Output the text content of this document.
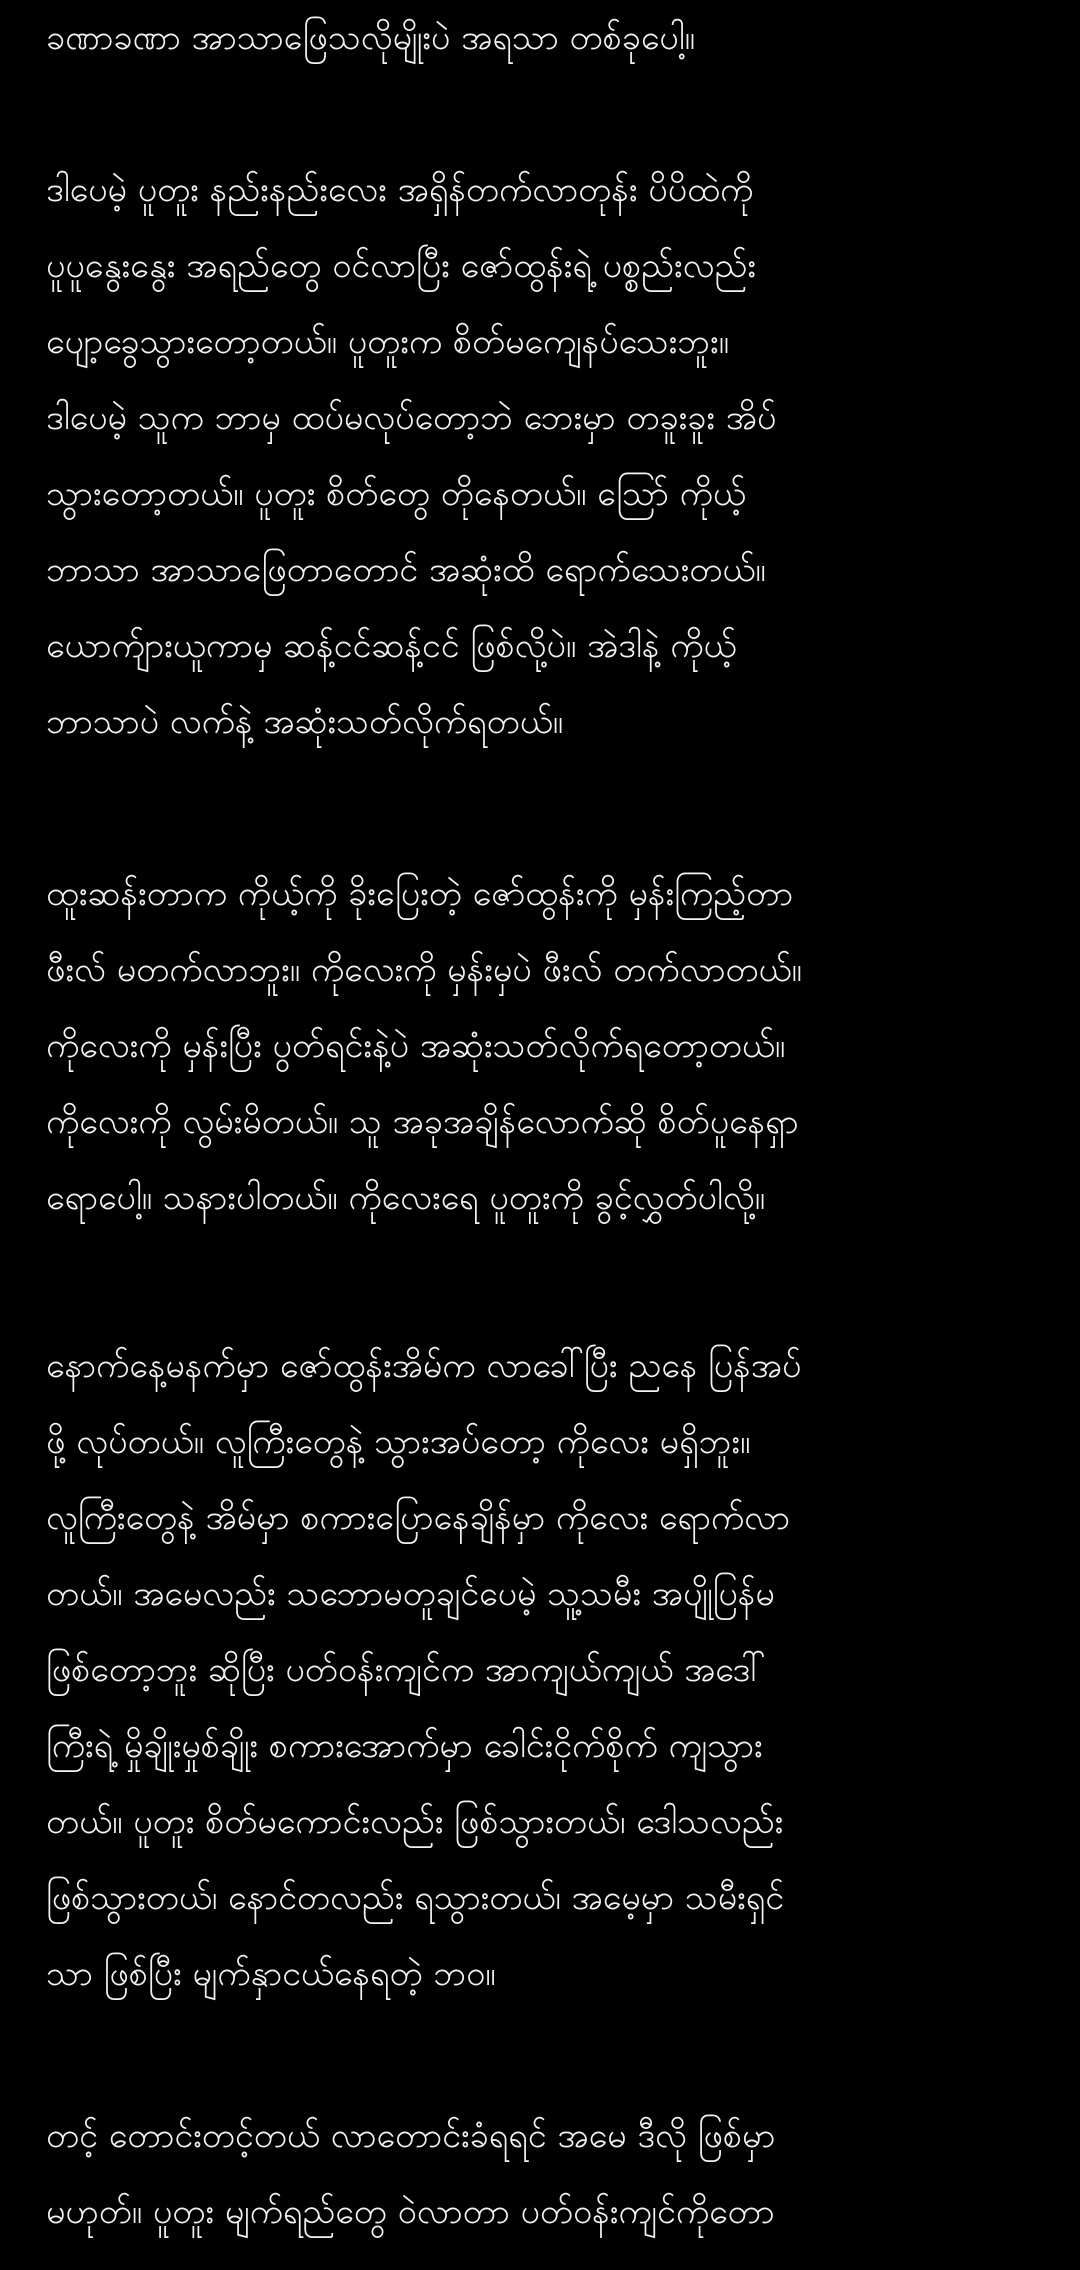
ခဏာခဏာ အာသာဖြေသလိုမျိုးပဲ အရသာ တစ်ခုပေါ့။
ဒါပေမဲ့ ပူတူး နည်းနည်းလေး အရှိန်တက်လာတုန်း ပိပိထဲကို
ပူပူနွေးနွေး အရည်တွေ ဝင်လာပြီး ဇော်ထွန်းရဲ့ ပစ္စည်းလည်း
ပျော့ခွေသွားတော့တယ်။ ပူတူးက စိတ်မကျေနပ်သေးဘူး။
ဒါပေမဲ့ သူက ဘာမှ ထပ်မလုပ်တော့ဘဲ ဘေးမှာ တခူးခူး အိပ်
သွားတော့တယ်။ ပူတူး စိတ်တွေ တိုနေတယ်။ သြော် ကိုယ့်
ဘာသာ အာသာဖြေတာတောင် အဆုံးထိ ရောက်သေးတယ်။
ယောက်ျားယူကာမှ ဆန့်ငင်ဆန့်ငင် ဖြစ်လို့ပဲ။ အဲဒါနဲ့ ကိုယ့်
ဘာသာပဲ လက်နဲ့ အဆုံးသတ်လိုက်ရတယ်။
ထူးဆန်းတာက ကိုယ့်ကို ခိုးပြေးတဲ့ ဇော်ထွန်းကို မှန်းကြည့်တာ
ဖီးလ် မတက်လာဘူး။ ကိုလေးကို မှန်းမှပဲ ဖီးလ် တက်လာတယ်။
ကိုလေးကို မှန်းပြီး ပွတ်ရင်းနဲ့ပဲ အဆုံးသတ်လိုက်ရတော့တယ်။
ကိုလေးကို လွမ်းမိတယ်။ သူ အခုအချိန်လောက်ဆို စိတ်ပူနေရှာ
ရောပေါ့။ သနားပါတယ်။ ကိုလေးရေ ပူတူးကို ခွင့်လွှတ်ပါလို့။
နောက်နေ့မနက်မှာ ဇော်ထွန်းအိမ်က လာခေါ်ပြီး ညနေ ပြန်အပ်
ဖို့ လုပ်တယ်။ လူကြီးတွေနဲ့ သွားအပ်တော့ ကိုလေး မရှိဘူး။
လူကြီးတွေနဲ့ အိမ်မှာ စကားပြောနေချိန်မှာ ကိုလေး ရောက်လာ
တယ်။ အမေလည်း သဘောမတူချင်ပေမဲ့ သူ့သမီး အပျိုပြန်မ
ဖြစ်တော့ဘူး ဆိုပြီး ပတ်ဝန်းကျင်က အာကျယ်ကျယ် အဒေါ်
ကြီးရဲ့ မှိုချိုးမှုစ်ချိုး စကားအောက်မှာ ခေါင်းငိုက်စိုက် ကျသွား
တယ်။ ပူတူး စိတ်မကောင်းလည်း ဖြစ်သွားတယ်၊ ဒေါသလည်း
ဖြစ်သွားတယ်၊ နောင်တလည်း ရသွားတယ်၊ အမေ့မှာ သမီးရှင်
သာ ဖြစ်ပြီး မျက်နှာငယ်နေရတဲ့ ဘဝ။
တင့် တောင်းတင့်တယ် လာတောင်းခံရရင် အမေ ဒီလို ဖြစ်မှာ
မဟုတ်။ ပူတူး မျက်ရည်တွေ ဝဲလာတာ ပတ်ဝန်းကျင်ကိုတော
